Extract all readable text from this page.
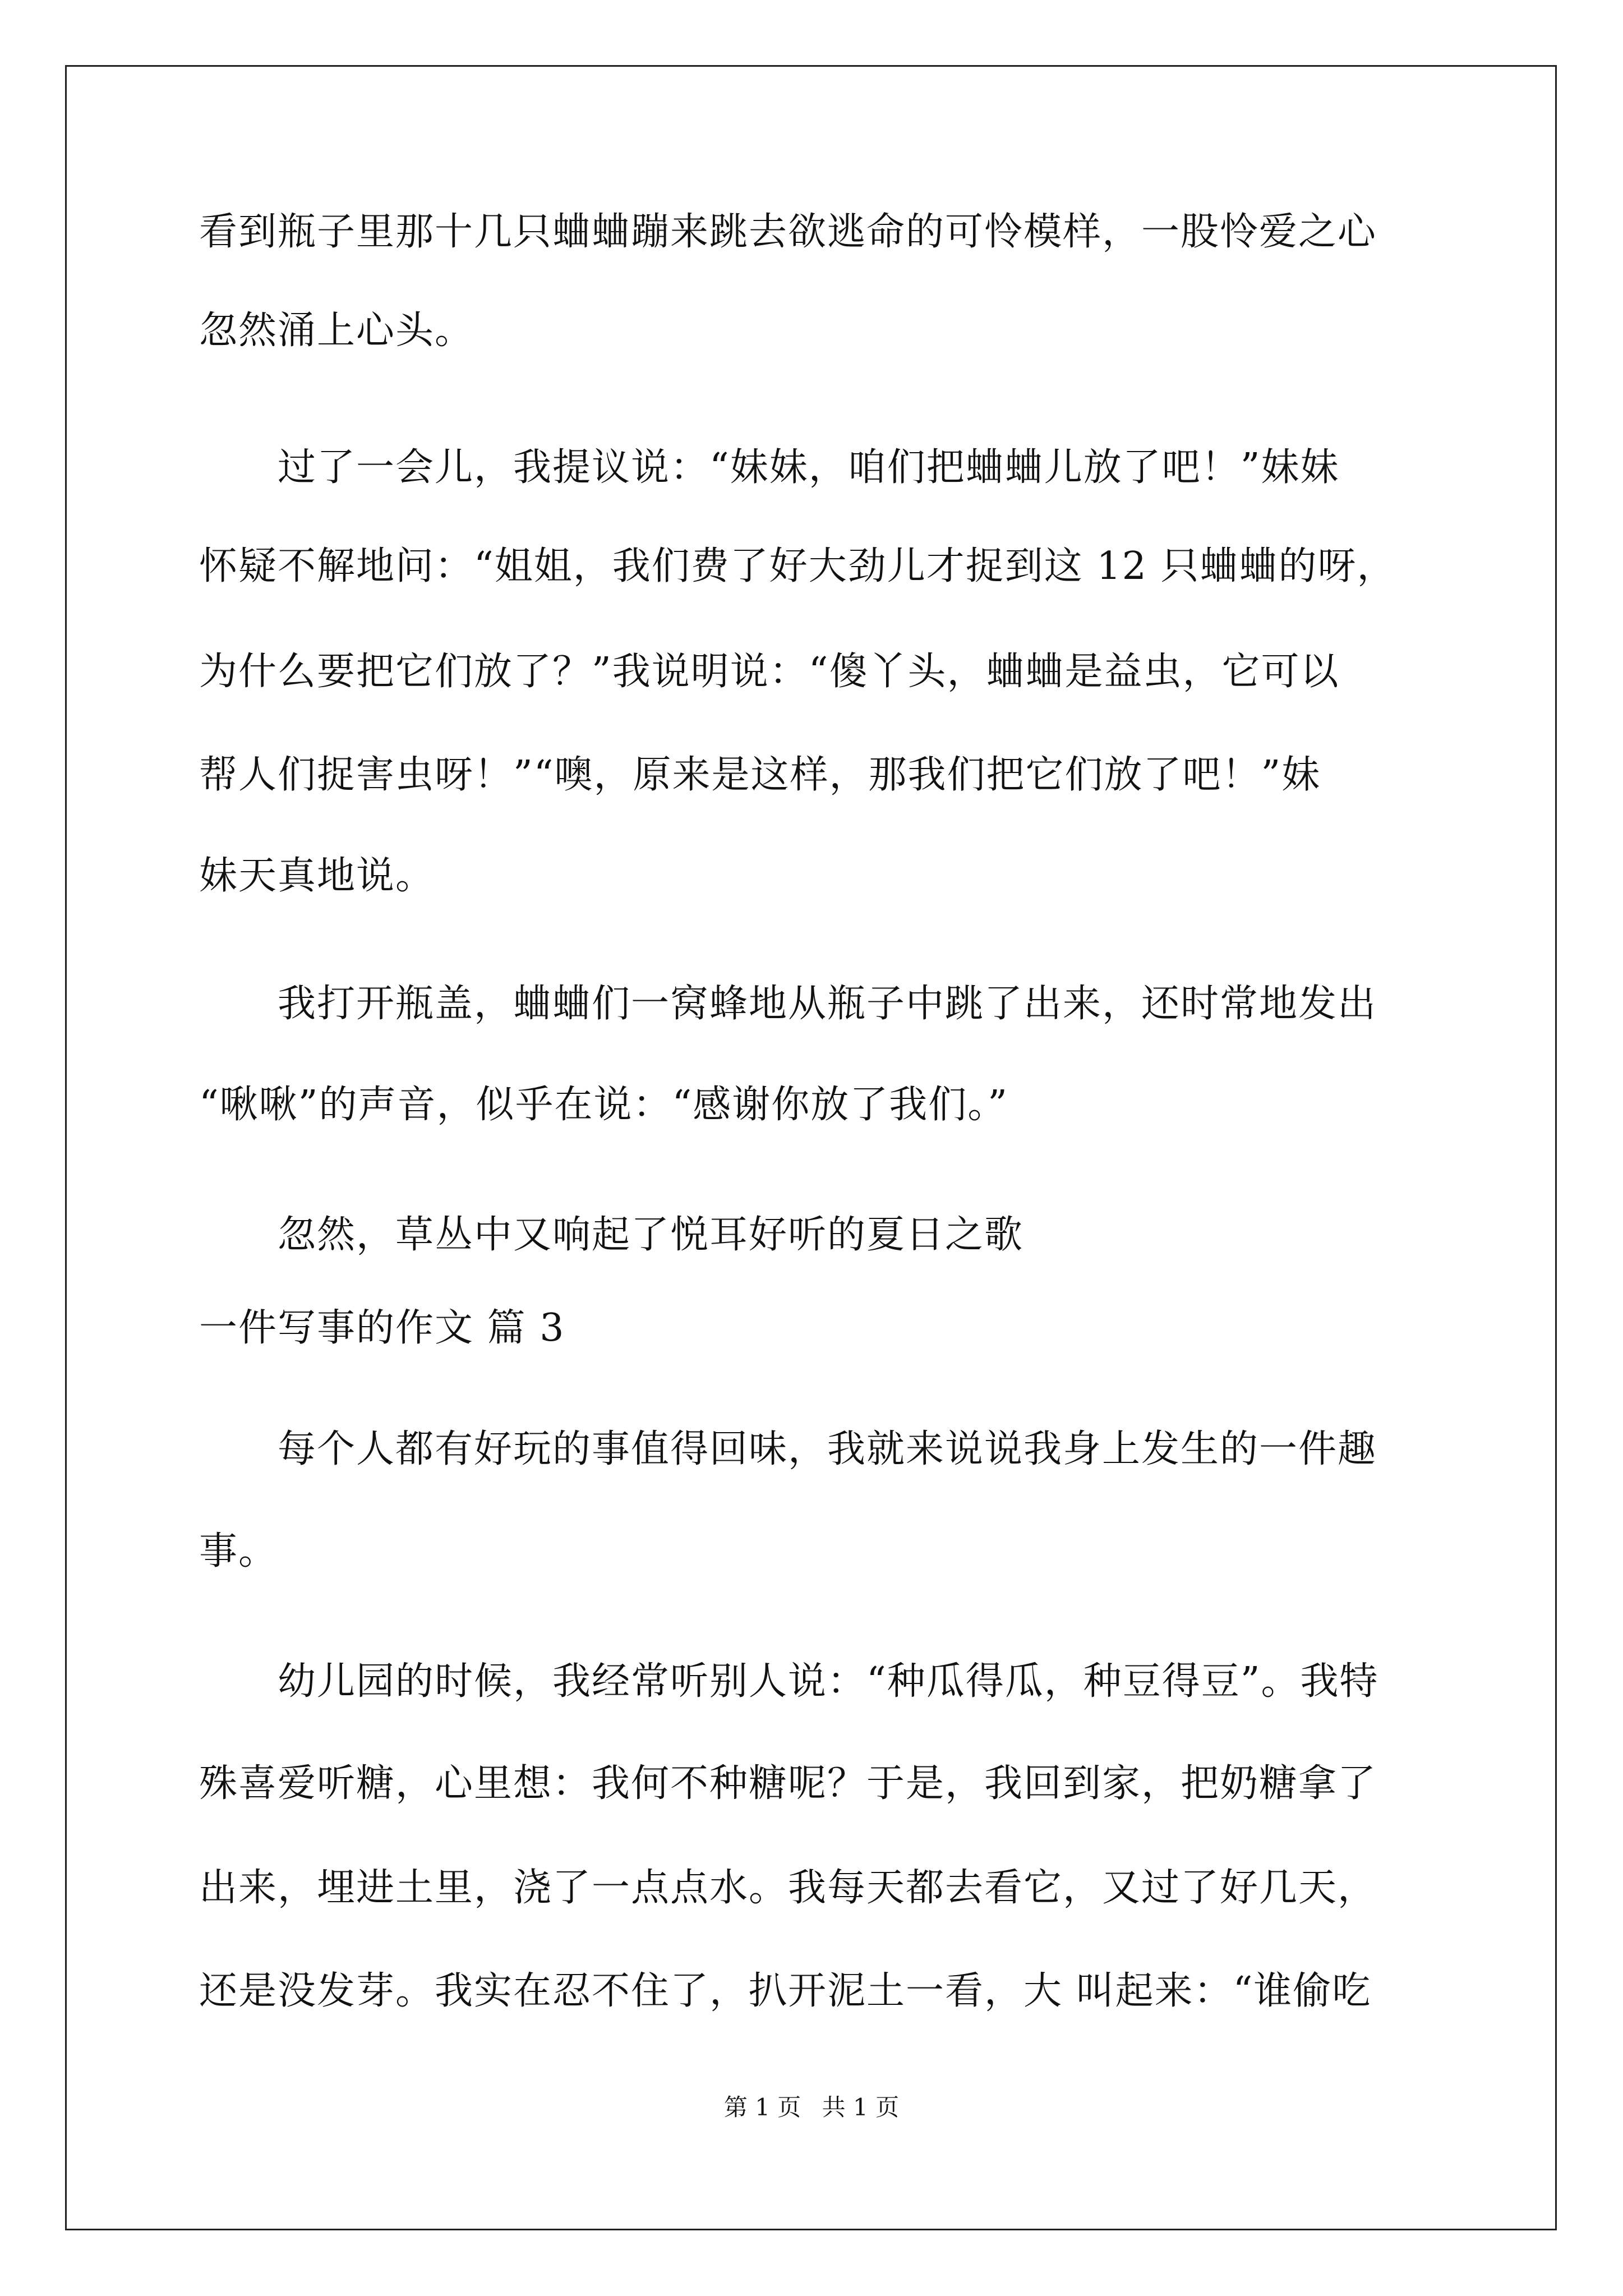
看到瓶子里那十几只蛐蛐蹦来跳去欲逃命的可怜模样，一股怜爱之心
忽然涌上心头。
　　过了一会儿，我提议说：“妹妹，咱们把蛐蛐儿放了吧！”妹妹
怀疑不解地问：“姐姐，我们费了好大劲儿才捉到这 12 只蛐蛐的呀，
为什么要把它们放了？”我说明说：“傻丫头，蛐蛐是益虫，它可以
帮人们捉害虫呀！”“噢，原来是这样，那我们把它们放了吧！”妹
妹天真地说。
　　我打开瓶盖，蛐蛐们一窝蜂地从瓶子中跳了出来，还时常地发出
“啾啾”的声音，似乎在说：“感谢你放了我们。”
　　忽然，草丛中又响起了悦耳好听的夏日之歌
一件写事的作文 篇 3
　　每个人都有好玩的事值得回味，我就来说说我身上发生的一件趣
事。
　　幼儿园的时候，我经常听别人说：“种瓜得瓜，种豆得豆”。我特
殊喜爱听糖，心里想：我何不种糖呢？于是，我回到家，把奶糖拿了
出来，埋进土里，浇了一点点水。我每天都去看它，又过了好几天，
还是没发芽。我实在忍不住了，扒开泥土一看，大 叫起来：“谁偷吃
第 1 页 共 1 页
